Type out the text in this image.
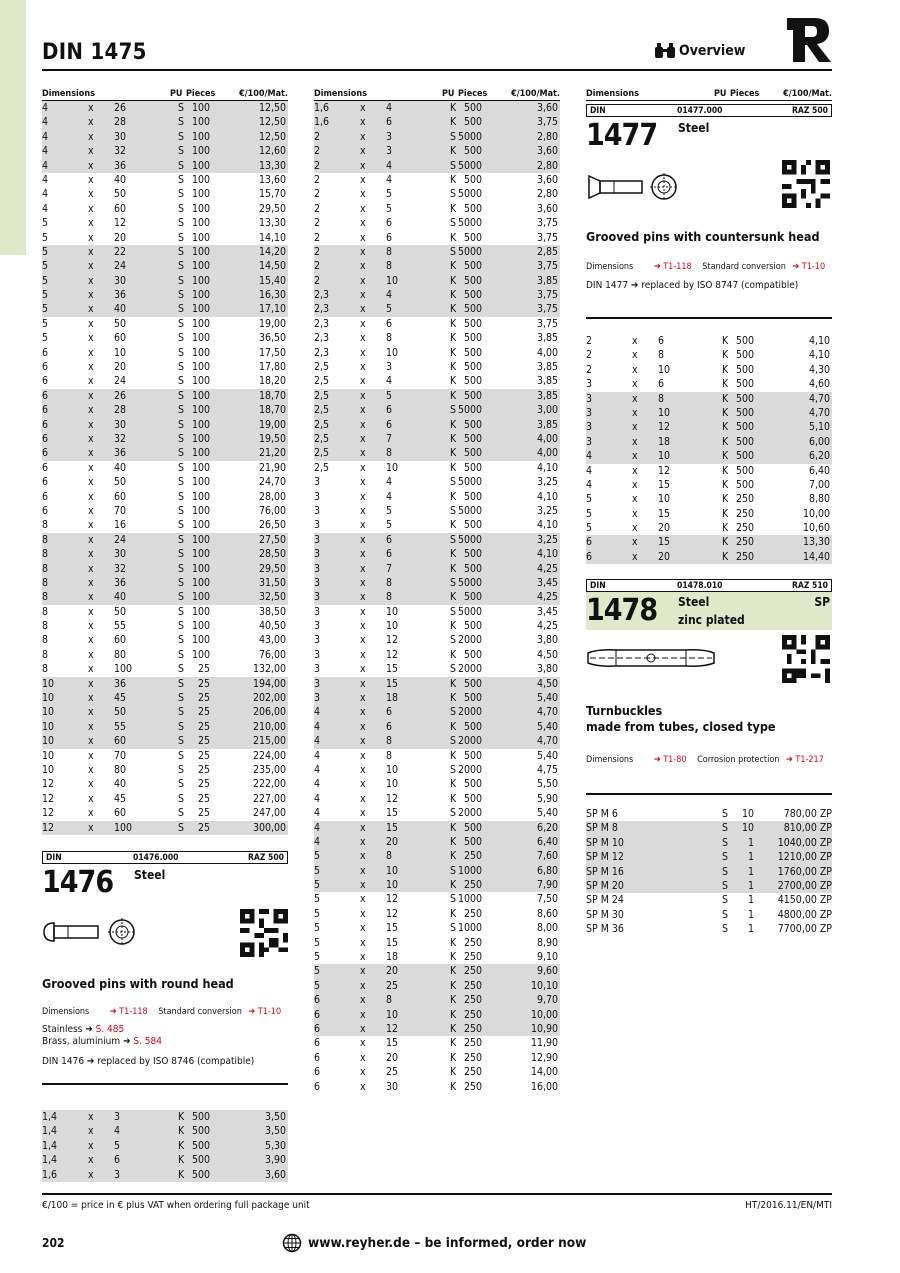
DIN 1475	Overview
Dimensions	PU Pieces	€/100/Mat.
4	x 26	S 100	12,50
4	x 28	S 100	12,50
4	x 30	S 100	12,50
4	x 32	S 100	12,60
4	x 36	S 100	13,30
4	x 40	S 100	13,60
4	x 50	S 100	15,70
4	x 60	S 100	29,50
5	x 12	S 100	13,30
5	x 20	S 100	14,10
5	x 22	S 100	14,20
5	x 24	S 100	14,50
5	x 30	S 100	15,40
5	x 36	S 100	16,30
5	x 40	S 100	17,10
5	x 50	S 100	19,00
5	x 60	S 100	36,50
6	x 10	S 100	17,50
6	x 20	S 100	17,80
6	x 24	S 100	18,20
6	x 26	S 100	18,70
6	x 28	S 100	18,70
6	x 30	S 100	19,00
6	x 32	S 100	19,50
6	x 36	S 100	21,20
6	x 40	S 100	21,90
6	x 50	S 100	24,70
6	x 60	S 100	28,00
6	x 70	S 100	76,00
8	x 16	S 100	26,50
8	x 24	S 100	27,50
8	x 30	S 100	28,50
8	x 32	S 100	29,50
8	x 36	S 100	31,50
8	x 40	S 100	32,50
8	x 50	S 100	38,50
8	x 55	S 100	40,50
8	x 60	S 100	43,00
8	x 80	S 100	76,00
8	x 100	S	25	132,00
10	x 36	S	25	194,00
10	x 45	S	25	202,00
10	x 50	S	25	206,00
10	x 55	S	25	210,00
10	x 60	S	25	215,00
10	x 70	S	25	224,00
10	x 80	S	25	235,00
12	x 40	S	25	222,00
12	x 45	S	25	227,00
12	x 60	S	25	247,00
12	x 100	S	25	300,00
DIN	01476.000	RAZ 500
1476 Steel
Grooved pins with round head
Dimensions ➔ T1-118 Standard conversion ➔ T1-10
Stainless ➔ S. 485
Brass, aluminium ➔ S. 584
DIN 1476 ➔ replaced by ISO 8746 (compatible)
1,4	x 3	K 500	3,50
1,4	x 4	K 500	3,50
1,4	x 5	K 500	5,30
1,4	x 6	K 500	3,90
1,6	x 3	K 500	3,60
Dimensions	PU Pieces	€/100/Mat.
1,6	x 4	K 500	3,60
1,6	x 6	K 500	3,75
2	x 3	S 5000	2,80
2	x 3	K 500	3,60
2	x 4	S 5000	2,80
2	x 4	K 500	3,60
2	x 5	S 5000	2,80
2	x 5	K 500	3,60
2	x 6	S 5000	3,75
2	x 6	K 500	3,75
2	x 8	S 5000	2,85
2	x 8	K 500	3,75
2	x 10	K 500	3,85
2,3	x 4	K 500	3,75
2,3	x 5	K 500	3,75
2,3	x 6	K 500	3,75
2,3	x 8	K 500	3,85
2,3	x 10	K 500	4,00
2,5	x 3	K 500	3,85
2,5	x 4	K 500	3,85
2,5	x 5	K 500	3,85
2,5	x 6	S 5000	3,00
2,5	x 6	K 500	3,85
2,5	x 7	K 500	4,00
2,5	x 8	K 500	4,00
2,5	x 10	K 500	4,10
3	x 4	S 5000	3,25
3	x 4	K 500	4,10
3	x 5	S 5000	3,25
3	x 5	K 500	4,10
3	x 6	S 5000	3,25
3	x 6	K 500	4,10
3	x 7	K 500	4,25
3	x 8	S 5000	3,45
3	x 8	K 500	4,25
3	x 10	S 5000	3,45
3	x 10	K 500	4,25
3	x 12	S 2000	3,80
3	x 12	K 500	4,50
3	x 15	S 2000	3,80
3	x 15	K 500	4,50
3	x 18	K 500	5,40
4	x 6	S 2000	4,70
4	x 6	K 500	5,40
4	x 8	S 2000	4,70
4	x 8	K 500	5,40
4	x 10	S 2000	4,75
4	x 10	K 500	5,50
4	x 12	K 500	5,90
4	x 15	S 2000	5,40
4	x 15	K 500	6,20
4	x 20	K 500	6,40
5	x 8	K 250	7,60
5	x 10	S 1000	6,80
5	x 10	K 250	7,90
5	x 12	S 1000	7,50
5	x 12	K 250	8,60
5	x 15	S 1000	8,00
5	x 15	K 250	8,90
5	x 18	K 250	9,10
5	x 20	K 250	9,60
5	x 25	K 250	10,10
6	x 8	K 250	9,70
6	x 10	K 250	10,00
6	x 12	K 250	10,90
6	x 15	K 250	11,90
6	x 20	K 250	12,90
6	x 25	K 250	14,00
6	x 30	K 250	16,00
Dimensions	PU Pieces	€/100/Mat.
DIN	01477.000	RAZ 500
1477 Steel
Grooved pins with countersunk head
Dimensions ➔ T1-118 Standard conversion ➔ T1-10
DIN 1477 ➔ replaced by ISO 8747 (compatible)
2	x 6	K 500	4,10
2	x 8	K 500	4,10
2	x 10	K 500	4,30
3	x 6	K 500	4,60
3	x 8	K 500	4,70
3	x 10	K 500	4,70
3	x 12	K 500	5,10
3	x 18	K 500	6,00
4	x 10	K 500	6,20
4	x 12	K 500	6,40
4	x 15	K 500	7,00
5	x 10	K 250	8,80
5	x 15	K 250	10,00
5	x 20	K 250	10,60
6	x 15	K 250	13,30
6	x 20	K 250	14,40
DIN	01478.010	RAZ 510
1478 Steel
zinc plated
SP
Turnbuckles
made from tubes, closed type
Dimensions ➔ T1-80 Corrosion protection ➔ T1-217
SP M 6	S	10	780,00 ZP
SP M 8	S	10	810,00 ZP
SP M 10	S	1	1040,00 ZP
SP M 12	S	1	1210,00 ZP
SP M 16	S	1	1760,00 ZP
SP M 20	S	1	2700,00 ZP
SP M 24	S	1	4150,00 ZP
SP M 30	S	1	4800,00 ZP
SP M 36	S	1	7700,00 ZP
€/100 = price in € plus VAT when ordering full package unit	HT/2016.11/EN/MTI
202	www.reyher.de – be informed, order now
